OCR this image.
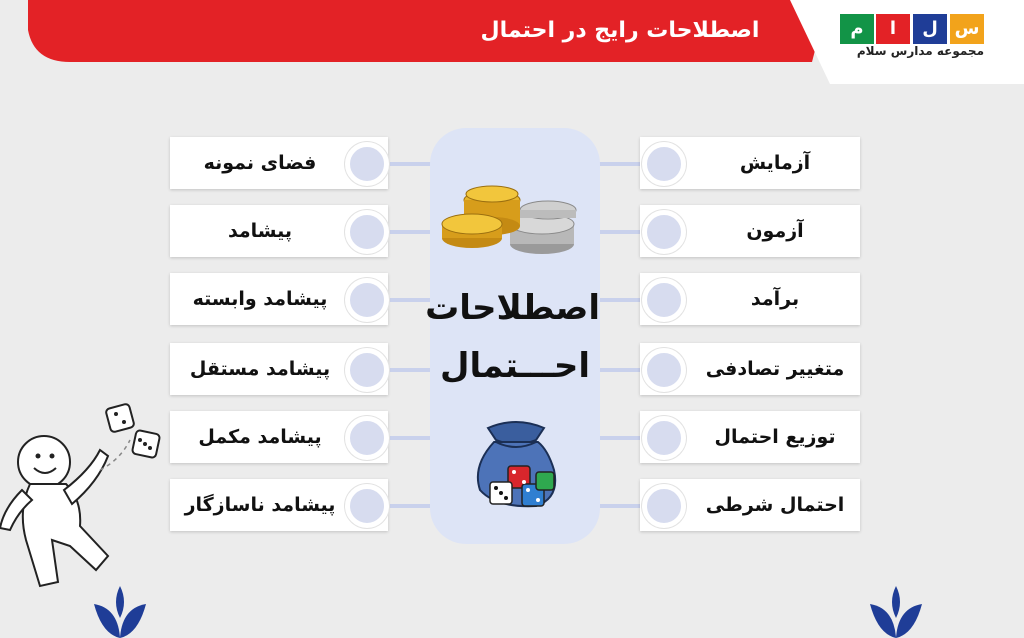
اصطلاحات رایج در احتمال	س
ل
ا
م
مجموعه مدارس سلام
اصطلاحات
احـــتمال
فضای نمونه
پیشامد
پیشامد وابسته
پیشامد مستقل
پیشامد مکمل
پیشامد ناسازگار
آزمایش
آزمون
برآمد
متغییر تصادفی
توزیع احتمال
احتمال شرطی
